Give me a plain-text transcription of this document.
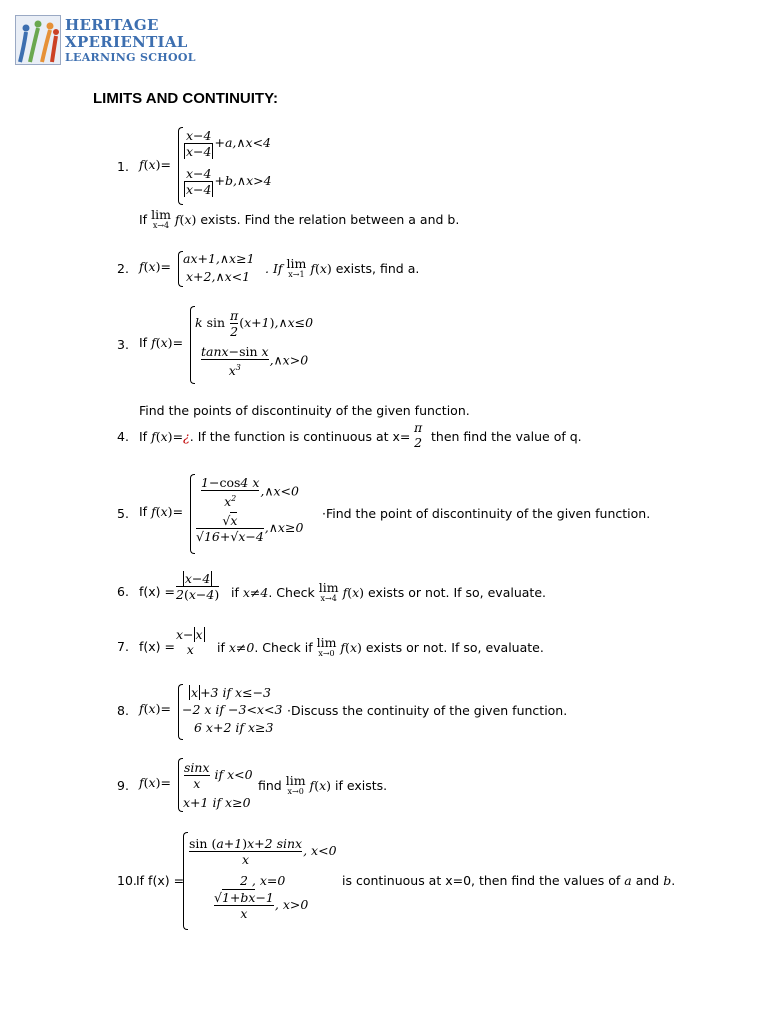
HERITAGE
XPERIENTIAL
LEARNING SCHOOL
LIMITS AND CONTINUITY:
1. f(x)=
$\frac{x-4}{x-4}$ +a,∧x<4
$\frac{x-4}{x-4}$ +b,∧x>4
If lim
x→4 f(x) exists. Find the relation between a and b.
2. f(x)=
ax+1,∧x≥1
x+2,∧x<1
. If lim
x→1 f(x) exists, find a.
3. If f(x)=
k $\sin \frac{\pi}{2}$ (x+1),∧x≤0
$\frac{\text{tanx−sin x}}{x^3}$ ,∧x>0
Find the points of discontinuity of the given function.
4. If f(x)=¿. If the function is continuous at x=
π
2 then find the value of q.
5. If f(x)=
$\frac{1-\cos 4 x}{x^2}$ ,∧x<0
$\frac{√x}{√16+√x-4}$ ,∧x≥0
·Find the point of discontinuity of the given function.
6. $f(x) = \frac{x-4}{2(x-4)}$ if x≠4. Check lim
x→4 f(x) exists or not. If so, evaluate.
7. f(x) =
x− x
x	if x≠0. Check if lim
x→0 f(x) exists or not. If so, evaluate.
8. f(x)=
x +3 if x≤−3
−2 x if −3<x<3
6 x+2 if x≥3
·Discuss the continuity of the given function.
9. $f(x)= \frac{\sin x}{x}$ if x<0
x+1 if x≥0
find lim
x→0 f(x) if exists.
10. If f(x) =
$\frac{\sin (a+1)x+2 \sin x}{x}$ , x<0
2 , x=0
$\frac{√1+bx-1}{x}$ , x>0
is continuous at x=0, then find the values of a and b.
